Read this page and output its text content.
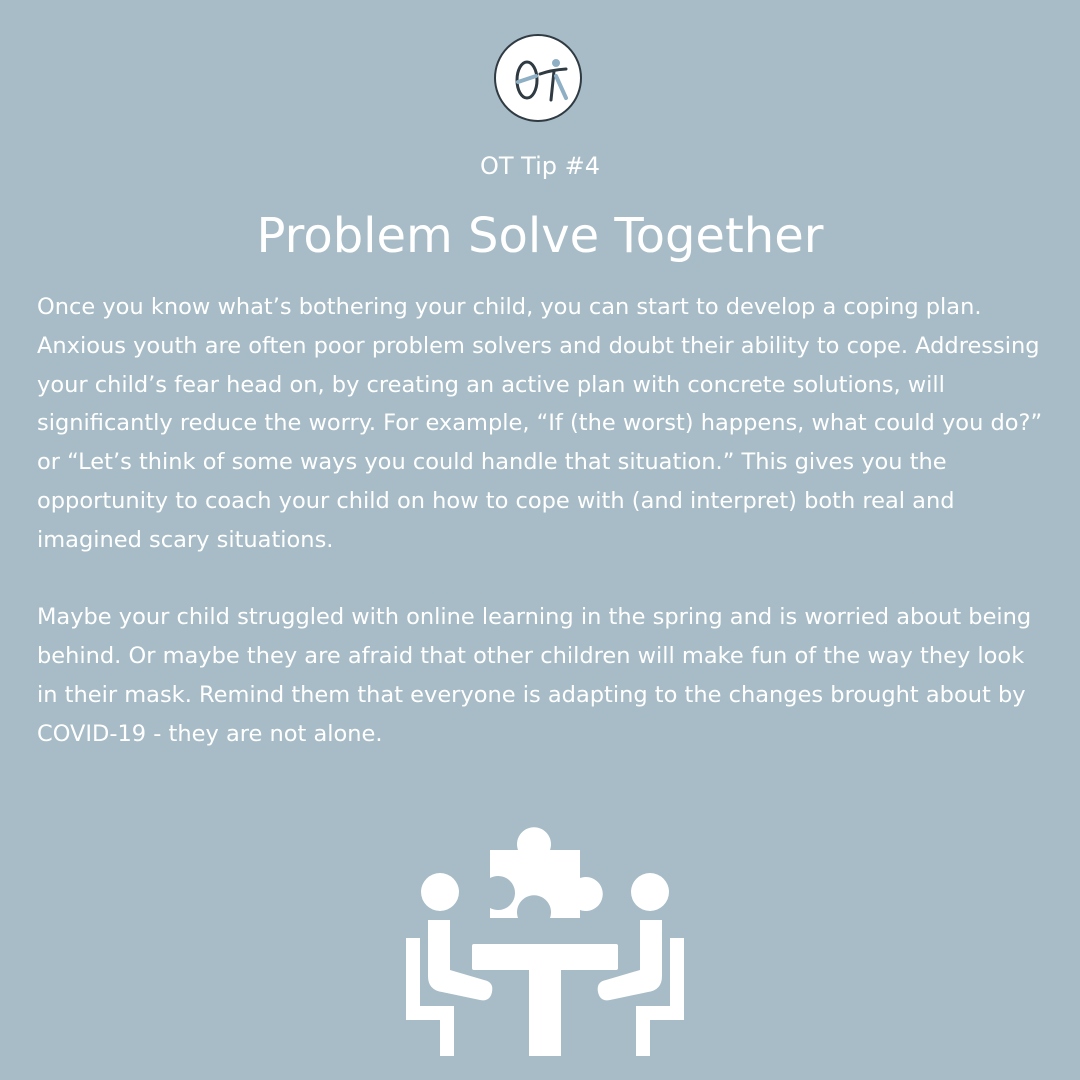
OT Tip #4
Problem Solve Together

Once you know what’s bothering your child, you can start to develop a coping plan. Anxious youth are often poor problem solvers and doubt their ability to cope. Addressing your child’s fear head on, by creating an active plan with concrete solutions, will significantly reduce the worry. For example, “If (the worst) happens, what could you do?” or “Let’s think of some ways you could handle that situation.” This gives you the opportunity to coach your child on how to cope with (and interpret) both real and imagined scary situations.

Maybe your child struggled with online learning in the spring and is worried about being behind. Or maybe they are afraid that other children will make fun of the way they look in their mask. Remind them that everyone is adapting to the changes brought about by COVID-19 - they are not alone.
